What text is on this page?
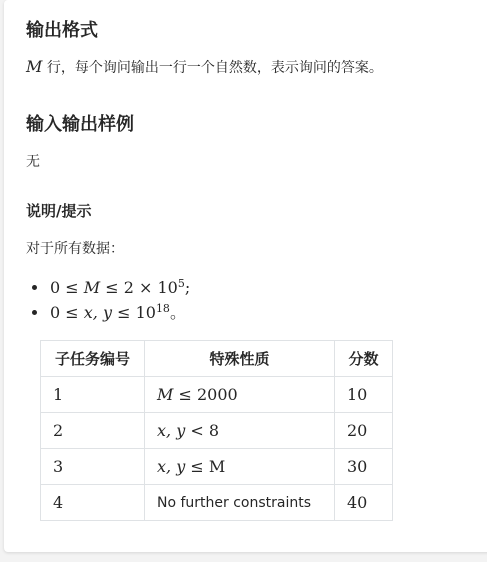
输出格式

M 行，每个询问输出一行一个自然数，表示询问的答案。

输入输出样例

无

说明/提示

对于所有数据：

$0 \le M \le 2 \times 10^5$;
0 ≤ x, $y \le 10^{18}$。
子任务编号	特殊性质	分数
1	M ≤ 2000	10
2	x, y < 8	20
3	x, y ≤ M	30
4	No further constraints	40
